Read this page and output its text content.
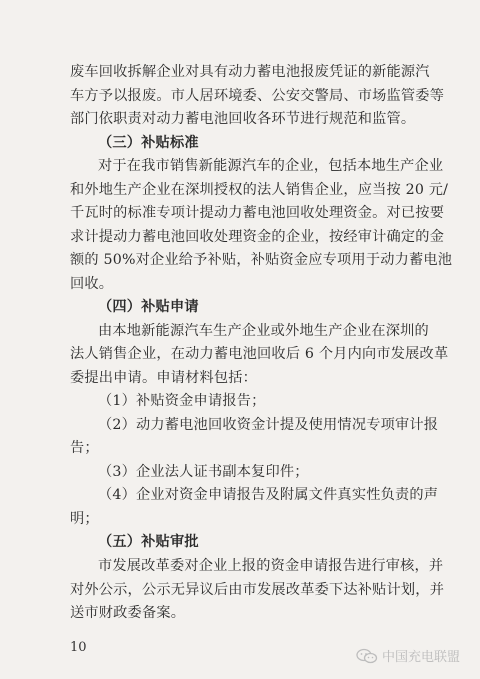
废车回收拆解企业对具有动力蓄电池报废凭证的新能源汽
车方予以报废。市人居环境委、公安交警局、市场监管委等
部门依职责对动力蓄电池回收各环节进行规范和监管。
（三）补贴标准
对于在我市销售新能源汽车的企业，包括本地生产企业
和外地生产企业在深圳授权的法人销售企业，应当按 20 元/
千瓦时的标准专项计提动力蓄电池回收处理资金。对已按要
求计提动力蓄电池回收处理资金的企业，按经审计确定的金
额的 50%对企业给予补贴，补贴资金应专项用于动力蓄电池
回收。
（四）补贴申请
由本地新能源汽车生产企业或外地生产企业在深圳的
法人销售企业，在动力蓄电池回收后 6 个月内向市发展改革
委提出申请。申请材料包括：
（1）补贴资金申请报告；
（2）动力蓄电池回收资金计提及使用情况专项审计报
告；
（3）企业法人证书副本复印件；
（4）企业对资金申请报告及附属文件真实性负责的声
明；
（五）补贴审批
市发展改革委对企业上报的资金申请报告进行审核，并
对外公示，公示无异议后由市发展改革委下达补贴计划，并
送市财政委备案。
10
中国充电联盟
